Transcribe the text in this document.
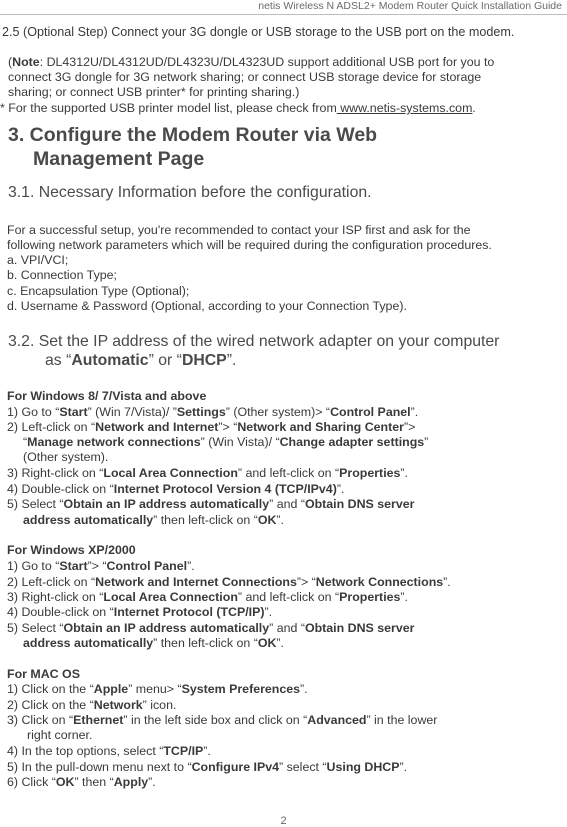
netis Wireless N ADSL2+ Modem Router Quick Installation Guide
2.5 (Optional Step) Connect your 3G dongle or USB storage to the USB port on the modem.
(Note: DL4312U/DL4312UD/DL4323U/DL4323UD support additional USB port for you to
connect 3G dongle for 3G network sharing; or connect USB storage device for storage
sharing; or connect USB printer* for printing sharing.)
* For the supported USB printer model list, please check from www.netis-systems.com.
3. Configure the Modem Router via Web
Management Page
3.1. Necessary Information before the configuration.
For a successful setup, you're recommended to contact your ISP first and ask for the
following network parameters which will be required during the configuration procedures.
a. VPI/VCI;
b. Connection Type;
c. Encapsulation Type (Optional);
d. Username & Password (Optional, according to your Connection Type).
3.2. Set the IP address of the wired network adapter on your computer
as “Automatic” or “DHCP”.
For Windows 8/ 7/Vista and above
1) Go to “Start” (Win 7/Vista)/ ”Settings” (Other system)> “Control Panel”.
2) Left-click on “Network and Internet”> “Network and Sharing Center”>
“Manage network connections” (Win Vista)/ “Change adapter settings”
(Other system).
3) Right-click on “Local Area Connection” and left-click on “Properties”.
4) Double-click on “Internet Protocol Version 4 (TCP/IPv4)”.
5) Select “Obtain an IP address automatically” and “Obtain DNS server
address automatically” then left-click on “OK”.
For Windows XP/2000
1) Go to “Start”> “Control Panel”.
2) Left-click on “Network and Internet Connections”> “Network Connections”.
3) Right-click on “Local Area Connection” and left-click on “Properties”.
4) Double-click on “Internet Protocol (TCP/IP)”.
5) Select “Obtain an IP address automatically” and “Obtain DNS server
address automatically” then left-click on “OK”.
For MAC OS
1) Click on the “Apple” menu> “System Preferences”.
2) Click on the “Network” icon.
3) Click on “Ethernet” in the left side box and click on “Advanced” in the lower
right corner.
4) In the top options, select “TCP/IP”.
5) In the pull-down menu next to “Configure IPv4” select “Using DHCP”.
6) Click “OK” then “Apply”.
2
